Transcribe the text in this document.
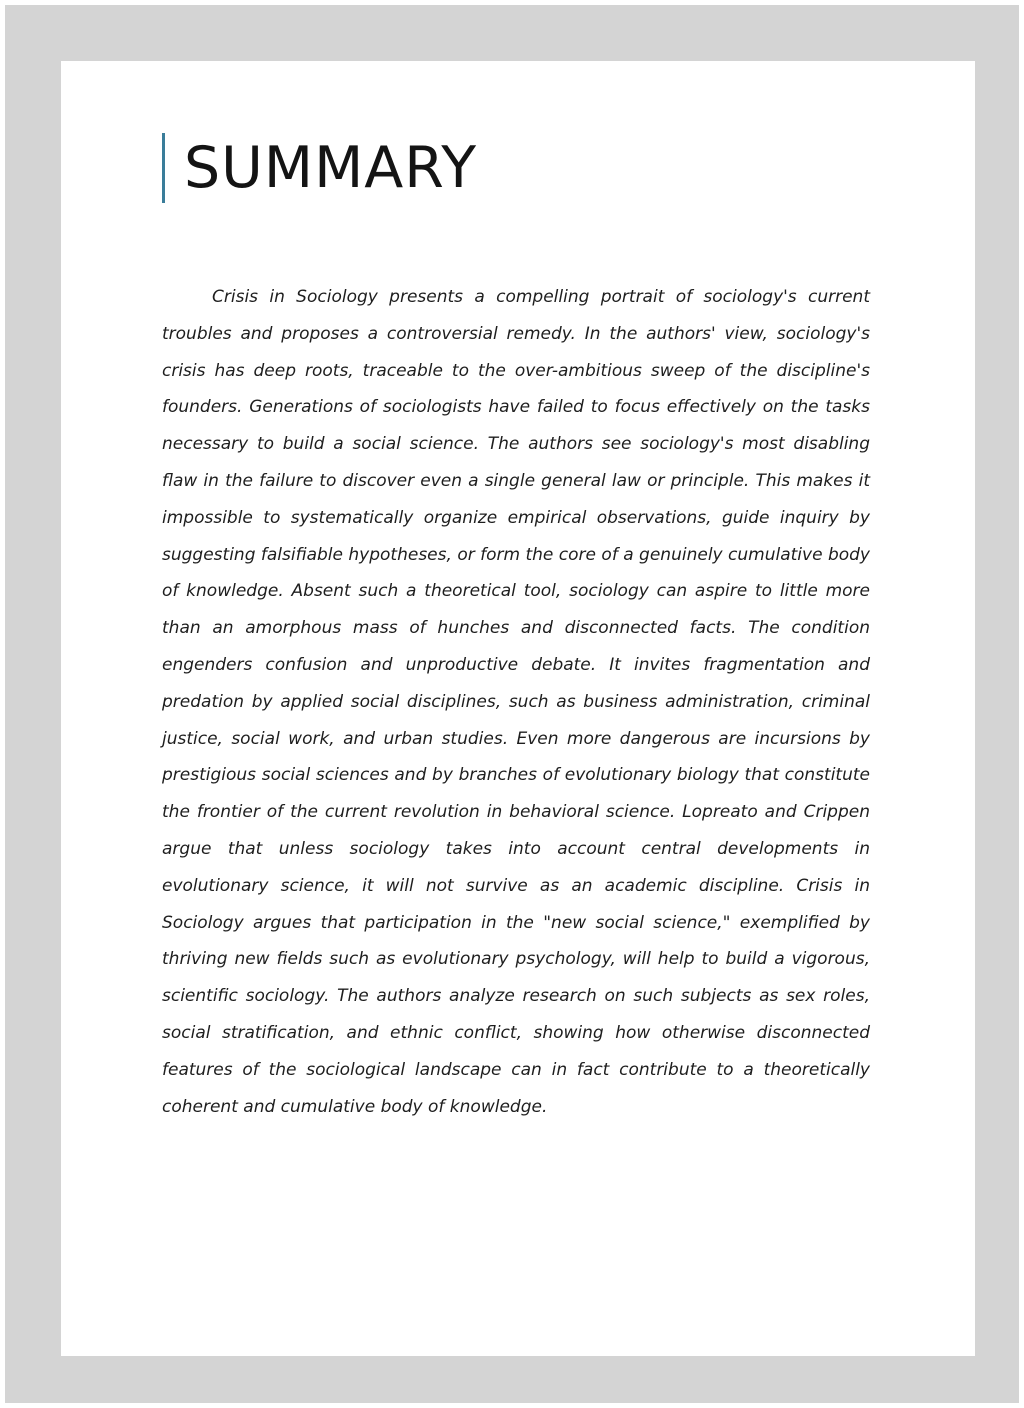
SUMMARY

Crisis in Sociology presents a compelling portrait of sociology's current troubles and proposes a controversial remedy. In the authors' view, sociology's crisis has deep roots, traceable to the over-ambitious sweep of the discipline's founders. Generations of sociologists have failed to focus effectively on the tasks necessary to build a social science. The authors see sociology's most disabling flaw in the failure to discover even a single general law or principle. This makes it impossible to systematically organize empirical observations, guide inquiry by suggesting falsifiable hypotheses, or form the core of a genuinely cumulative body of knowledge. Absent such a theoretical tool, sociology can aspire to little more than an amorphous mass of hunches and disconnected facts. The condition engenders confusion and unproductive debate. It invites fragmentation and predation by applied social disciplines, such as business administration, criminal justice, social work, and urban studies. Even more dangerous are incursions by prestigious social sciences and by branches of evolutionary biology that constitute the frontier of the current revolution in behavioral science. Lopreato and Crippen argue that unless sociology takes into account central developments in evolutionary science, it will not survive as an academic discipline. Crisis in Sociology argues that participation in the "new social science," exemplified by thriving new fields such as evolutionary psychology, will help to build a vigorous, scientific sociology. The authors analyze research on such subjects as sex roles, social stratification, and ethnic conflict, showing how otherwise disconnected features of the sociological landscape can in fact contribute to a theoretically coherent and cumulative body of knowledge.
